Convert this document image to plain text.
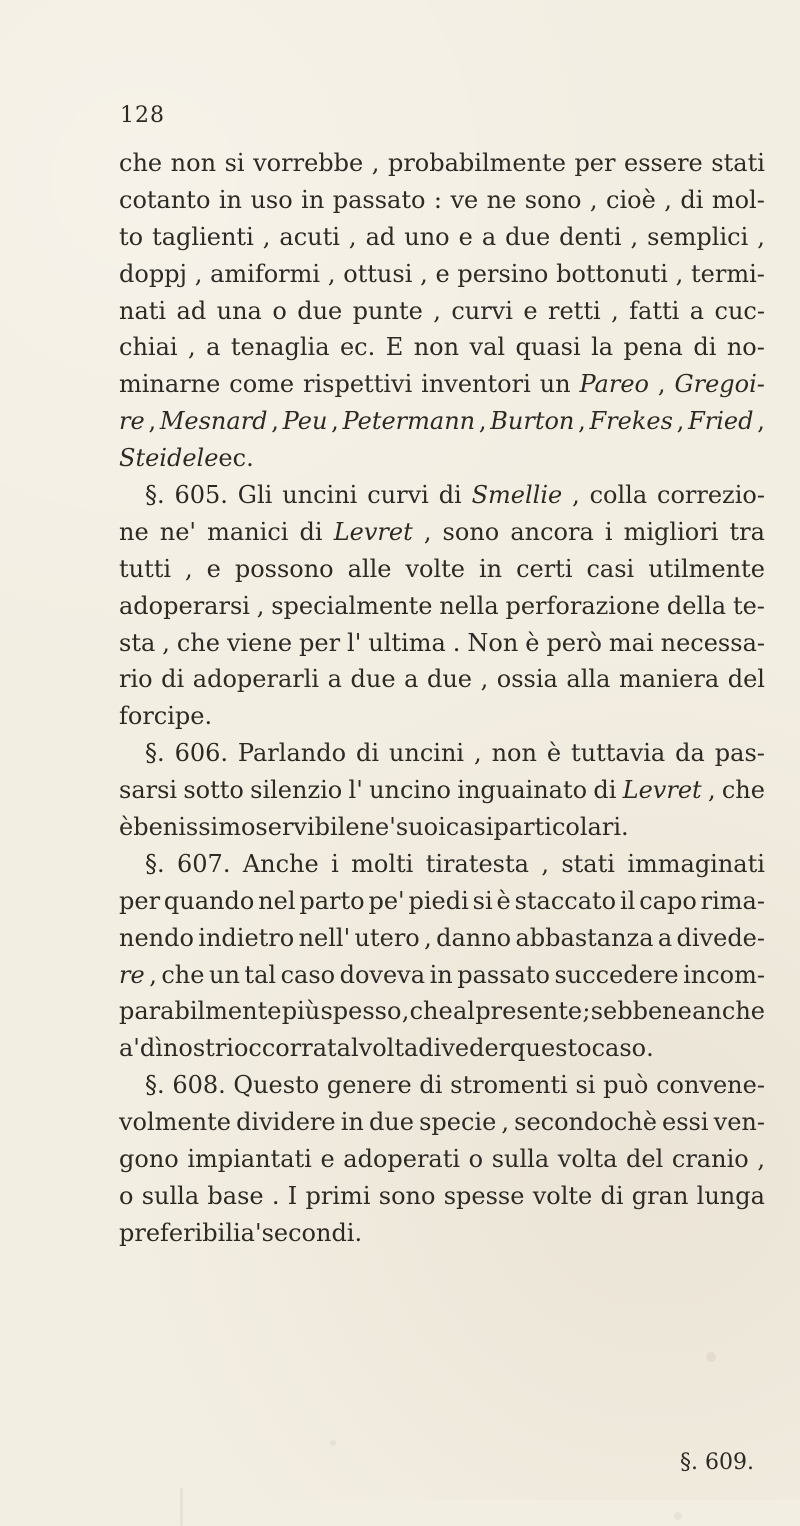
128
che non si vorrebbe , probabilmente per essere stati
cotanto in uso in passato : ve ne sono , cioè , di mol-
to taglienti , acuti , ad uno e a due denti , semplici ,
doppj , amiformi , ottusi , e persino bottonuti , termi-
nati ad una o due punte , curvi e retti , fatti a cuc-
chiai , a tenaglia ec. E non val quasi la pena di no-
minarne come rispettivi inventori un Pareo , Gregoi-
re , Mesnard , Peu , Petermann , Burton , Frekes , Fried ,
Steidele ec.
§. 605. Gli uncini curvi di Smellie , colla correzio-
ne ne' manici di Levret , sono ancora i migliori tra
tutti , e possono alle volte in certi casi utilmente
adoperarsi , specialmente nella perforazione della te-
sta , che viene per l' ultima . Non è però mai necessa-
rio di adoperarli a due a due , ossia alla maniera del
forcipe .
§. 606. Parlando di uncini , non è tuttavia da pas-
sarsi sotto silenzio l' uncino inguainato di Levret , che
è benissimo servibile ne' suoi casi particolari .
§. 607. Anche i molti tiratesta , stati immaginati
per quando nel parto pe' piedi si è staccato il capo rima-
nendo indietro nell' utero , danno abbastanza a divede-
re , che un tal caso doveva in passato succedere incom-
parabilmente più spesso , che al presente ; sebbene anche
a' dì nostri occorra talvolta di veder questo caso .
§. 608. Questo genere di stromenti si può convene-
volmente dividere in due specie , secondochè essi ven-
gono impiantati e adoperati o sulla volta del cranio ,
o sulla base . I primi sono spesse volte di gran lunga
preferibili a' secondi .
§. 609.
